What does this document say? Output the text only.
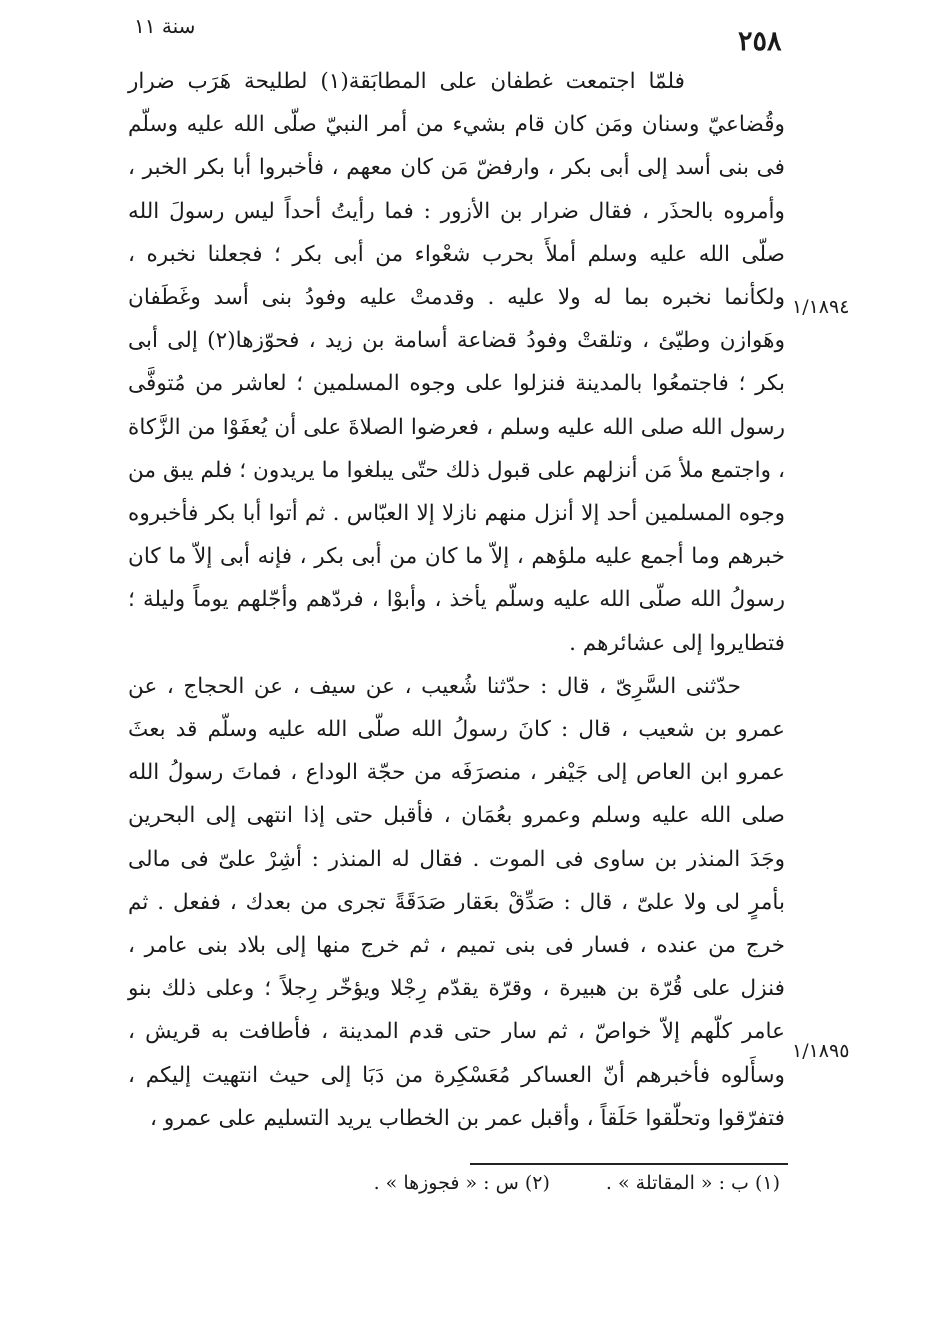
٢٥٨
سنة ١١
١/١٨٩٤
١/١٨٩٥

فلمّا اجتمعت غطفان على المطابَقة(١) لطليحة هَرَب ضرار وقُضاعيّ وسنان ومَن كان قام بشيء من أمر النبيّ صلّى الله عليه وسلّم فى بنى أسد إلى أبى بكر ، وارفضّ مَن كان معهم ، فأخبروا أبا بكر الخبر ، وأمروه بالحذَر ، فقال ضرار بن الأزور : فما رأيتُ أحداً ليس رسولَ الله صلّى الله عليه وسلم أملأَ بحرب شعْواء من أبى بكر ؛ فجعلنا نخبره ، ولكأنما نخبره بما له ولا عليه . وقدمتْ عليه وفودُ بنى أسد وغَطَفان وهَوازن وطيّئ ، وتلقتْ وفودُ قضاعة أسامة بن زيد ، فحوّزها(٢) إلى أبى بكر ؛ فاجتمعُوا بالمدينة فنزلوا على وجوه المسلمين ؛ لعاشر من مُتوفَّى رسول الله صلى الله عليه وسلم ، فعرضوا الصلاةَ على أن يُعفَوْا من الزَّكاة ، واجتمع ملأ مَن أنزلهم على قبول ذلك حتّى يبلغوا ما يريدون ؛ فلم يبق من وجوه المسلمين أحد إلا أنزل منهم نازلا إلا العبّاس . ثم أتوا أبا بكر فأخبروه خبرهم وما أجمع عليه ملؤهم ، إلاّ ما كان من أبى بكر ، فإنه أبى إلاّ ما كان رسولُ الله صلّى الله عليه وسلّم يأخذ ، وأبوْا ، فردّهم وأجّلهم يوماً وليلة ؛ فتطايروا إلى عشائرهم .

حدّثنى السَّرِىّ ، قال : حدّثنا شُعيب ، عن سيف ، عن الحجاج ، عن عمرو بن شعيب ، قال : كانَ رسولُ الله صلّى الله عليه وسلّم قد بعثَ عمرو ابن العاص إلى جَيْفر ، منصرَفَه من حجّة الوداع ، فماتَ رسولُ الله صلى الله عليه وسلم وعمرو بعُمَان ، فأقبل حتى إذا انتهى إلى البحرين وجَدَ المنذر بن ساوى فى الموت . فقال له المنذر : أشِرْ علىّ فى مالى بأمرٍ لى ولا علىّ ، قال : صَدِّقْ بعَقار صَدَقَةً تجرى من بعدك ، ففعل . ثم خرج من عنده ، فسار فى بنى تميم ، ثم خرج منها إلى بلاد بنى عامر ، فنزل على قُرّة بن هبيرة ، وقرّة يقدّم رِجْلا ويؤخّر رِجلاً ؛ وعلى ذلك بنو عامر كلّهم إلاّ خواصّ ، ثم سار حتى قدم المدينة ، فأطافت به قريش ، وسأَلوه فأخبرهم أنّ العساكر مُعَسْكِرة من دَبَا إلى حيث انتهيت إليكم ، فتفرّقوا وتحلّقوا حَلَقاً ، وأقبل عمر بن الخطاب يريد التسليم على عمرو ،

(١) ب : « المقاتلة » .
(٢) س : « فجوزها » .
